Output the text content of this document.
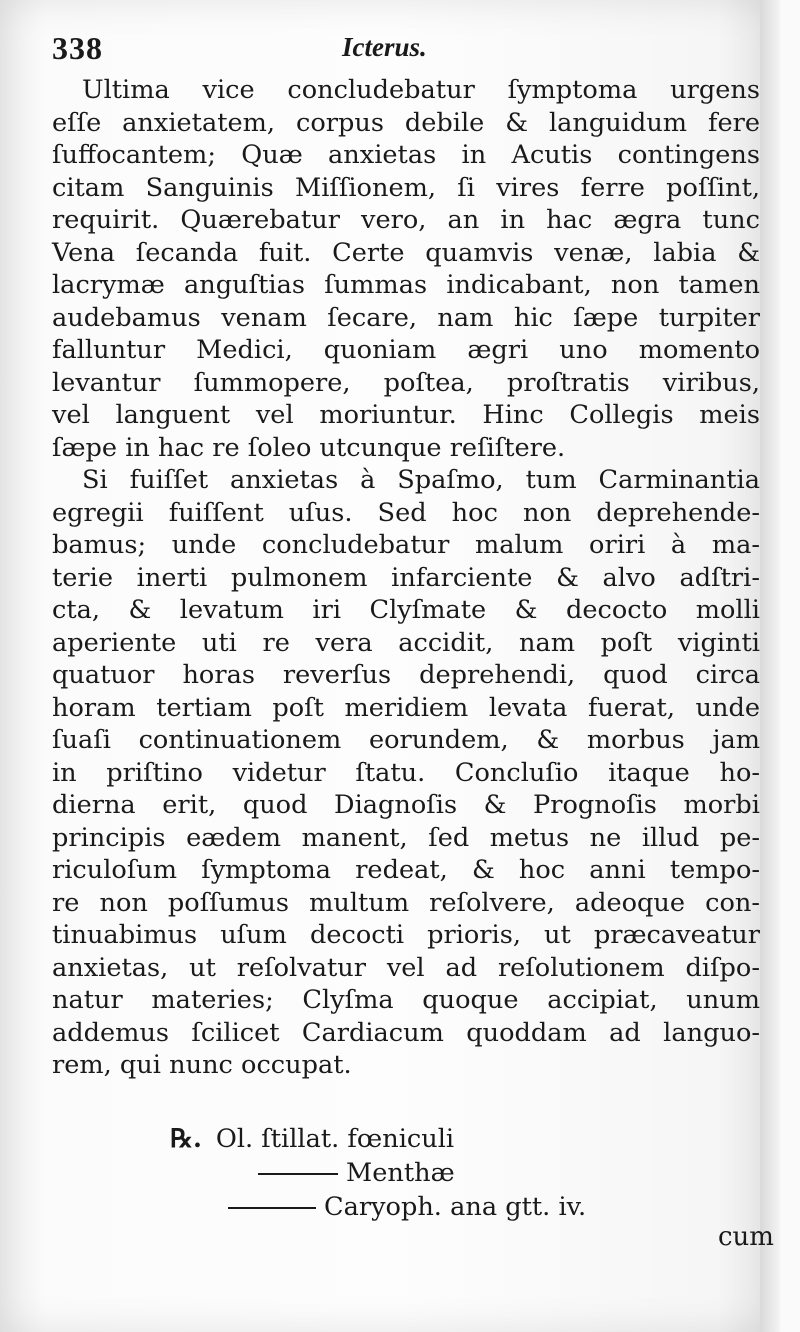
338	Icterus.

Ultima vice concludebatur ſymptoma urgens
eſſe anxietatem, corpus debile & languidum fere
ſuffocantem; Quæ anxietas in Acutis contingens
citam Sanguinis Miſſionem, ſi vires ferre poſſint,
requirit. Quærebatur vero, an in hac ægra tunc
Vena ſecanda fuit. Certe quamvis venæ, labia &
lacrymæ anguſtias ſummas indicabant, non tamen
audebamus venam ſecare, nam hic ſæpe turpiter
falluntur Medici, quoniam ægri uno momento
levantur ſummopere, poſtea, proſtratis viribus,
vel languent vel moriuntur. Hinc Collegis meis
ſæpe in hac re ſoleo utcunque reſiſtere.

Si fuiſſet anxietas à Spaſmo, tum Carminantia
egregii fuiſſent uſus. Sed hoc non deprehende-
bamus; unde concludebatur malum oriri à ma-
terie inerti pulmonem infarciente & alvo adſtri-
cta, & levatum iri Clyſmate & decocto molli
aperiente uti re vera accidit, nam poſt viginti
quatuor horas reverſus deprehendi, quod circa
horam tertiam poſt meridiem levata fuerat, unde
ſuaſi continuationem eorundem, & morbus jam
in priſtino videtur ſtatu. Concluſio itaque ho-
dierna erit, quod Diagnoſis & Prognoſis morbi
principis eædem manent, ſed metus ne illud pe-
riculoſum ſymptoma redeat, & hoc anni tempo-
re non poſſumus multum reſolvere, adeoque con-
tinuabimus uſum decocti prioris, ut præcaveatur
anxietas, ut reſolvatur vel ad reſolutionem diſpo-
natur materies; Clyſma quoque accipiat, unum
addemus ſcilicet Cardiacum quoddam ad languo-
rem, qui nunc occupat.

℞. Ol. ſtillat. fœniculi
Menthæ
Caryoph. ana gtt. iv.
cum
